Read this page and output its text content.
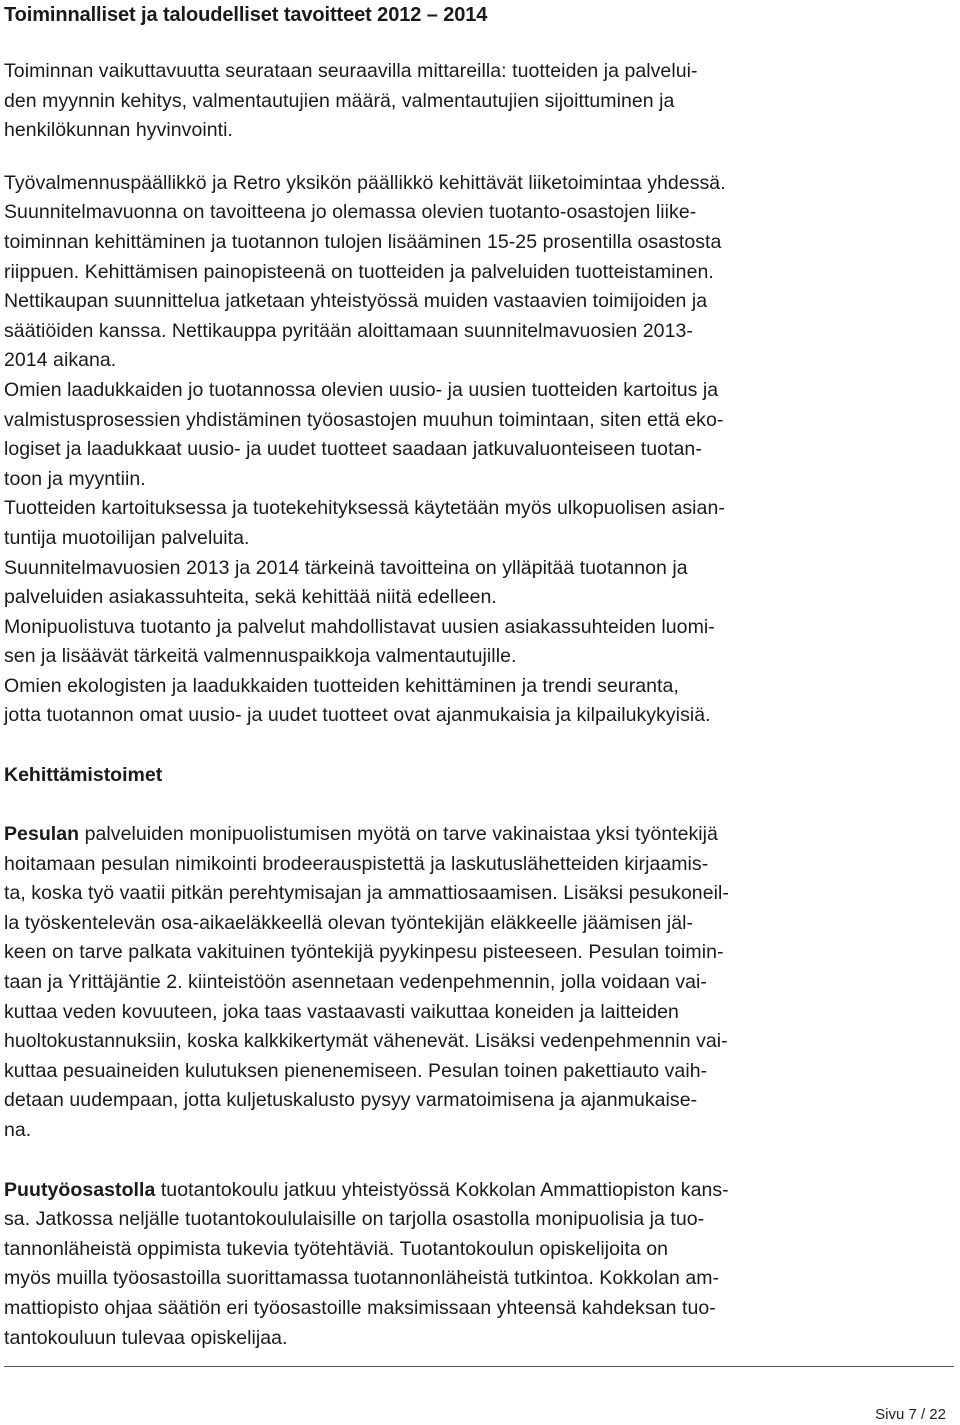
Toiminnalliset ja taloudelliset tavoitteet 2012 – 2014

Toiminnan vaikuttavuutta seurataan seuraavilla mittareilla: tuotteiden ja palvelui-
den myynnin kehitys, valmentautujien määrä, valmentautujien sijoittuminen ja
henkilökunnan hyvinvointi.

Työvalmennuspäällikkö ja Retro yksikön päällikkö kehittävät liiketoimintaa yhdessä.
Suunnitelmavuonna on tavoitteena jo olemassa olevien tuotanto-osastojen liike-
toiminnan kehittäminen ja tuotannon tulojen lisääminen 15-25 prosentilla osastosta
riippuen. Kehittämisen painopisteenä on tuotteiden ja palveluiden tuotteistaminen.
Nettikaupan suunnittelua jatketaan yhteistyössä muiden vastaavien toimijoiden ja
säätiöiden kanssa. Nettikauppa pyritään aloittamaan suunnitelmavuosien 2013-
2014 aikana.
Omien laadukkaiden jo tuotannossa olevien uusio- ja uusien tuotteiden kartoitus ja
valmistusprosessien yhdistäminen työosastojen muuhun toimintaan, siten että eko-
logiset ja laadukkaat uusio- ja uudet tuotteet saadaan jatkuvaluonteiseen tuotan-
toon ja myyntiin.
Tuotteiden kartoituksessa ja tuotekehityksessä käytetään myös ulkopuolisen asian-
tuntija muotoilijan palveluita.
Suunnitelmavuosien 2013 ja 2014 tärkeinä tavoitteina on ylläpitää tuotannon ja
palveluiden asiakassuhteita, sekä kehittää niitä edelleen.
Monipuolistuva tuotanto ja palvelut mahdollistavat uusien asiakassuhteiden luomi-
sen ja lisäävät tärkeitä valmennuspaikkoja valmentautujille.
Omien ekologisten ja laadukkaiden tuotteiden kehittäminen ja trendi seuranta,
jotta tuotannon omat uusio- ja uudet tuotteet ovat ajanmukaisia ja kilpailukykyisiä.

Kehittämistoimet

Pesulan palveluiden monipuolistumisen myötä on tarve vakinaistaa yksi työntekijä
hoitamaan pesulan nimikointi brodeerauspistettä ja laskutuslähetteiden kirjaamis-
ta, koska työ vaatii pitkän perehtymisajan ja ammattiosaamisen. Lisäksi pesukoneil-
la työskentelevän osa-aikaeläkkeellä olevan työntekijän eläkkeelle jäämisen jäl-
keen on tarve palkata vakituinen työntekijä pyykinpesu pisteeseen. Pesulan toimin-
taan ja Yrittäjäntie 2. kiinteistöön asennetaan vedenpehmennin, jolla voidaan vai-
kuttaa veden kovuuteen, joka taas vastaavasti vaikuttaa koneiden ja laitteiden
huoltokustannuksiin, koska kalkkikertymät vähenevät. Lisäksi vedenpehmennin vai-
kuttaa pesuaineiden kulutuksen pienenemiseen. Pesulan toinen pakettiauto vaih-
detaan uudempaan, jotta kuljetuskalusto pysyy varmatoimisena ja ajanmukaise-
na.

Puutyöosastolla tuotantokoulu jatkuu yhteistyössä Kokkolan Ammattiopiston kans-
sa. Jatkossa neljälle tuotantokoululaisille on tarjolla osastolla monipuolisia ja tuo-
tannonläheistä oppimista tukevia työtehtäviä. Tuotantokoulun opiskelijoita on
myös muilla työosastoilla suorittamassa tuotannonläheistä tutkintoa. Kokkolan am-
mattiopisto ohjaa säätiön eri työosastoille maksimissaan yhteensä kahdeksan tuo-
tantokouluun tulevaa opiskelijaa.

Sivu 7 / 22
